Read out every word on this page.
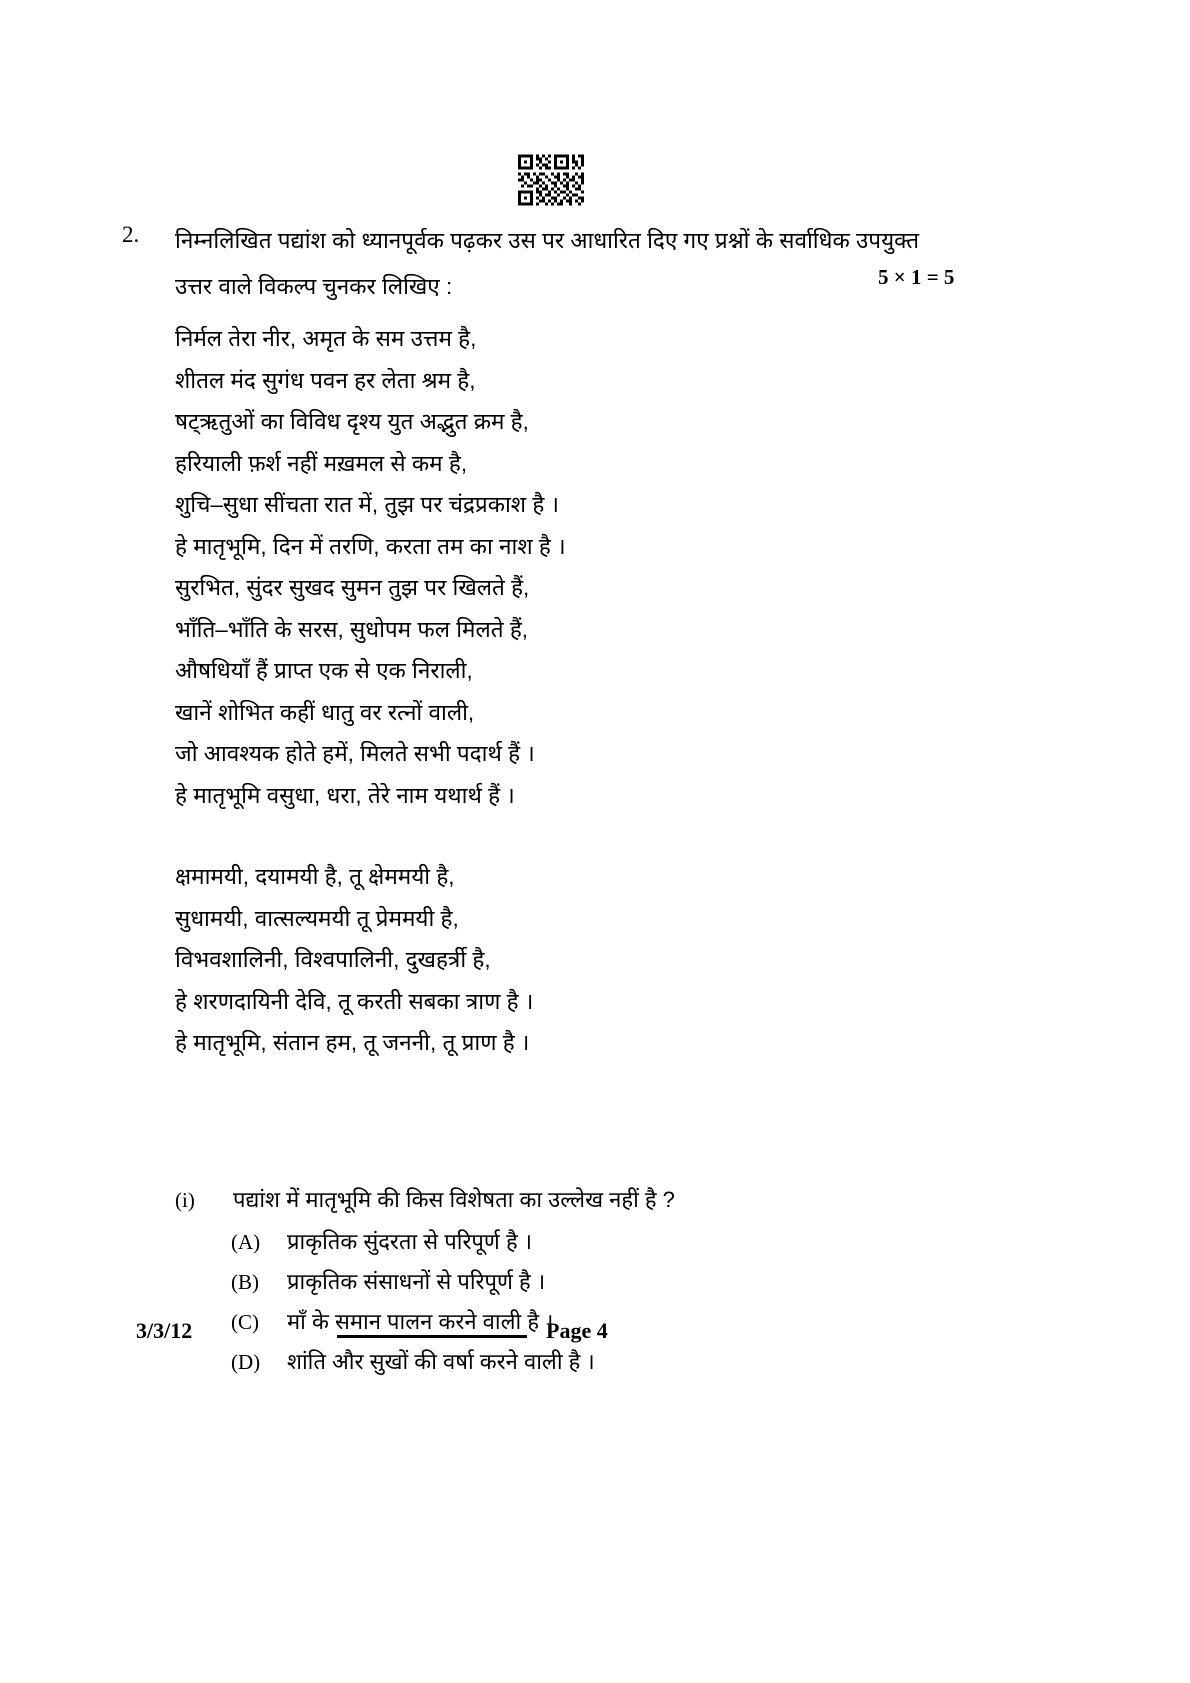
2. निम्नलिखित पद्यांश को ध्यानपूर्वक पढ़कर उस पर आधारित दिए गए प्रश्नों के सर्वाधिक उपयुक्त
उत्तर वाले विकल्प चुनकर लिखिए :	5 × 1 = 5
निर्मल तेरा नीर, अमृत के सम उत्तम है,
शीतल मंद सुगंध पवन हर लेता श्रम है,
षट्ऋतुओं का विविध दृश्य युत अद्भुत क्रम है,
हरियाली फ़र्श नहीं मख़मल से कम है,
शुचि–सुधा सींचता रात में, तुझ पर चंद्रप्रकाश है ।
हे मातृभूमि, दिन में तरणि, करता तम का नाश है ।
सुरभित, सुंदर सुखद सुमन तुझ पर खिलते हैं,
भाँति–भाँति के सरस, सुधोपम फल मिलते हैं,
औषधियाँ हैं प्राप्त एक से एक निराली,
खानें शोभित कहीं धातु वर रत्नों वाली,
जो आवश्यक होते हमें, मिलते सभी पदार्थ हैं ।
हे मातृभूमि वसुधा, धरा, तेरे नाम यथार्थ हैं ।
क्षमामयी, दयामयी है, तू क्षेममयी है,
सुधामयी, वात्सल्यमयी तू प्रेममयी है,
विभवशालिनी, विश्वपालिनी, दुखहर्त्री है,
हे शरणदायिनी देवि, तू करती सबका त्राण है ।
हे मातृभूमि, संतान हम, तू जननी, तू प्राण है ।
(i)	पद्यांश में मातृभूमि की किस विशेषता का उल्लेख नहीं है ?
(A)	प्राकृतिक सुंदरता से परिपूर्ण है ।
(B)	प्राकृतिक संसाधनों से परिपूर्ण है ।
(C)	माँ के समान पालन करने वाली है ।
(D)	शांति और सुखों की वर्षा करने वाली है ।
3/3/12	Page 4
